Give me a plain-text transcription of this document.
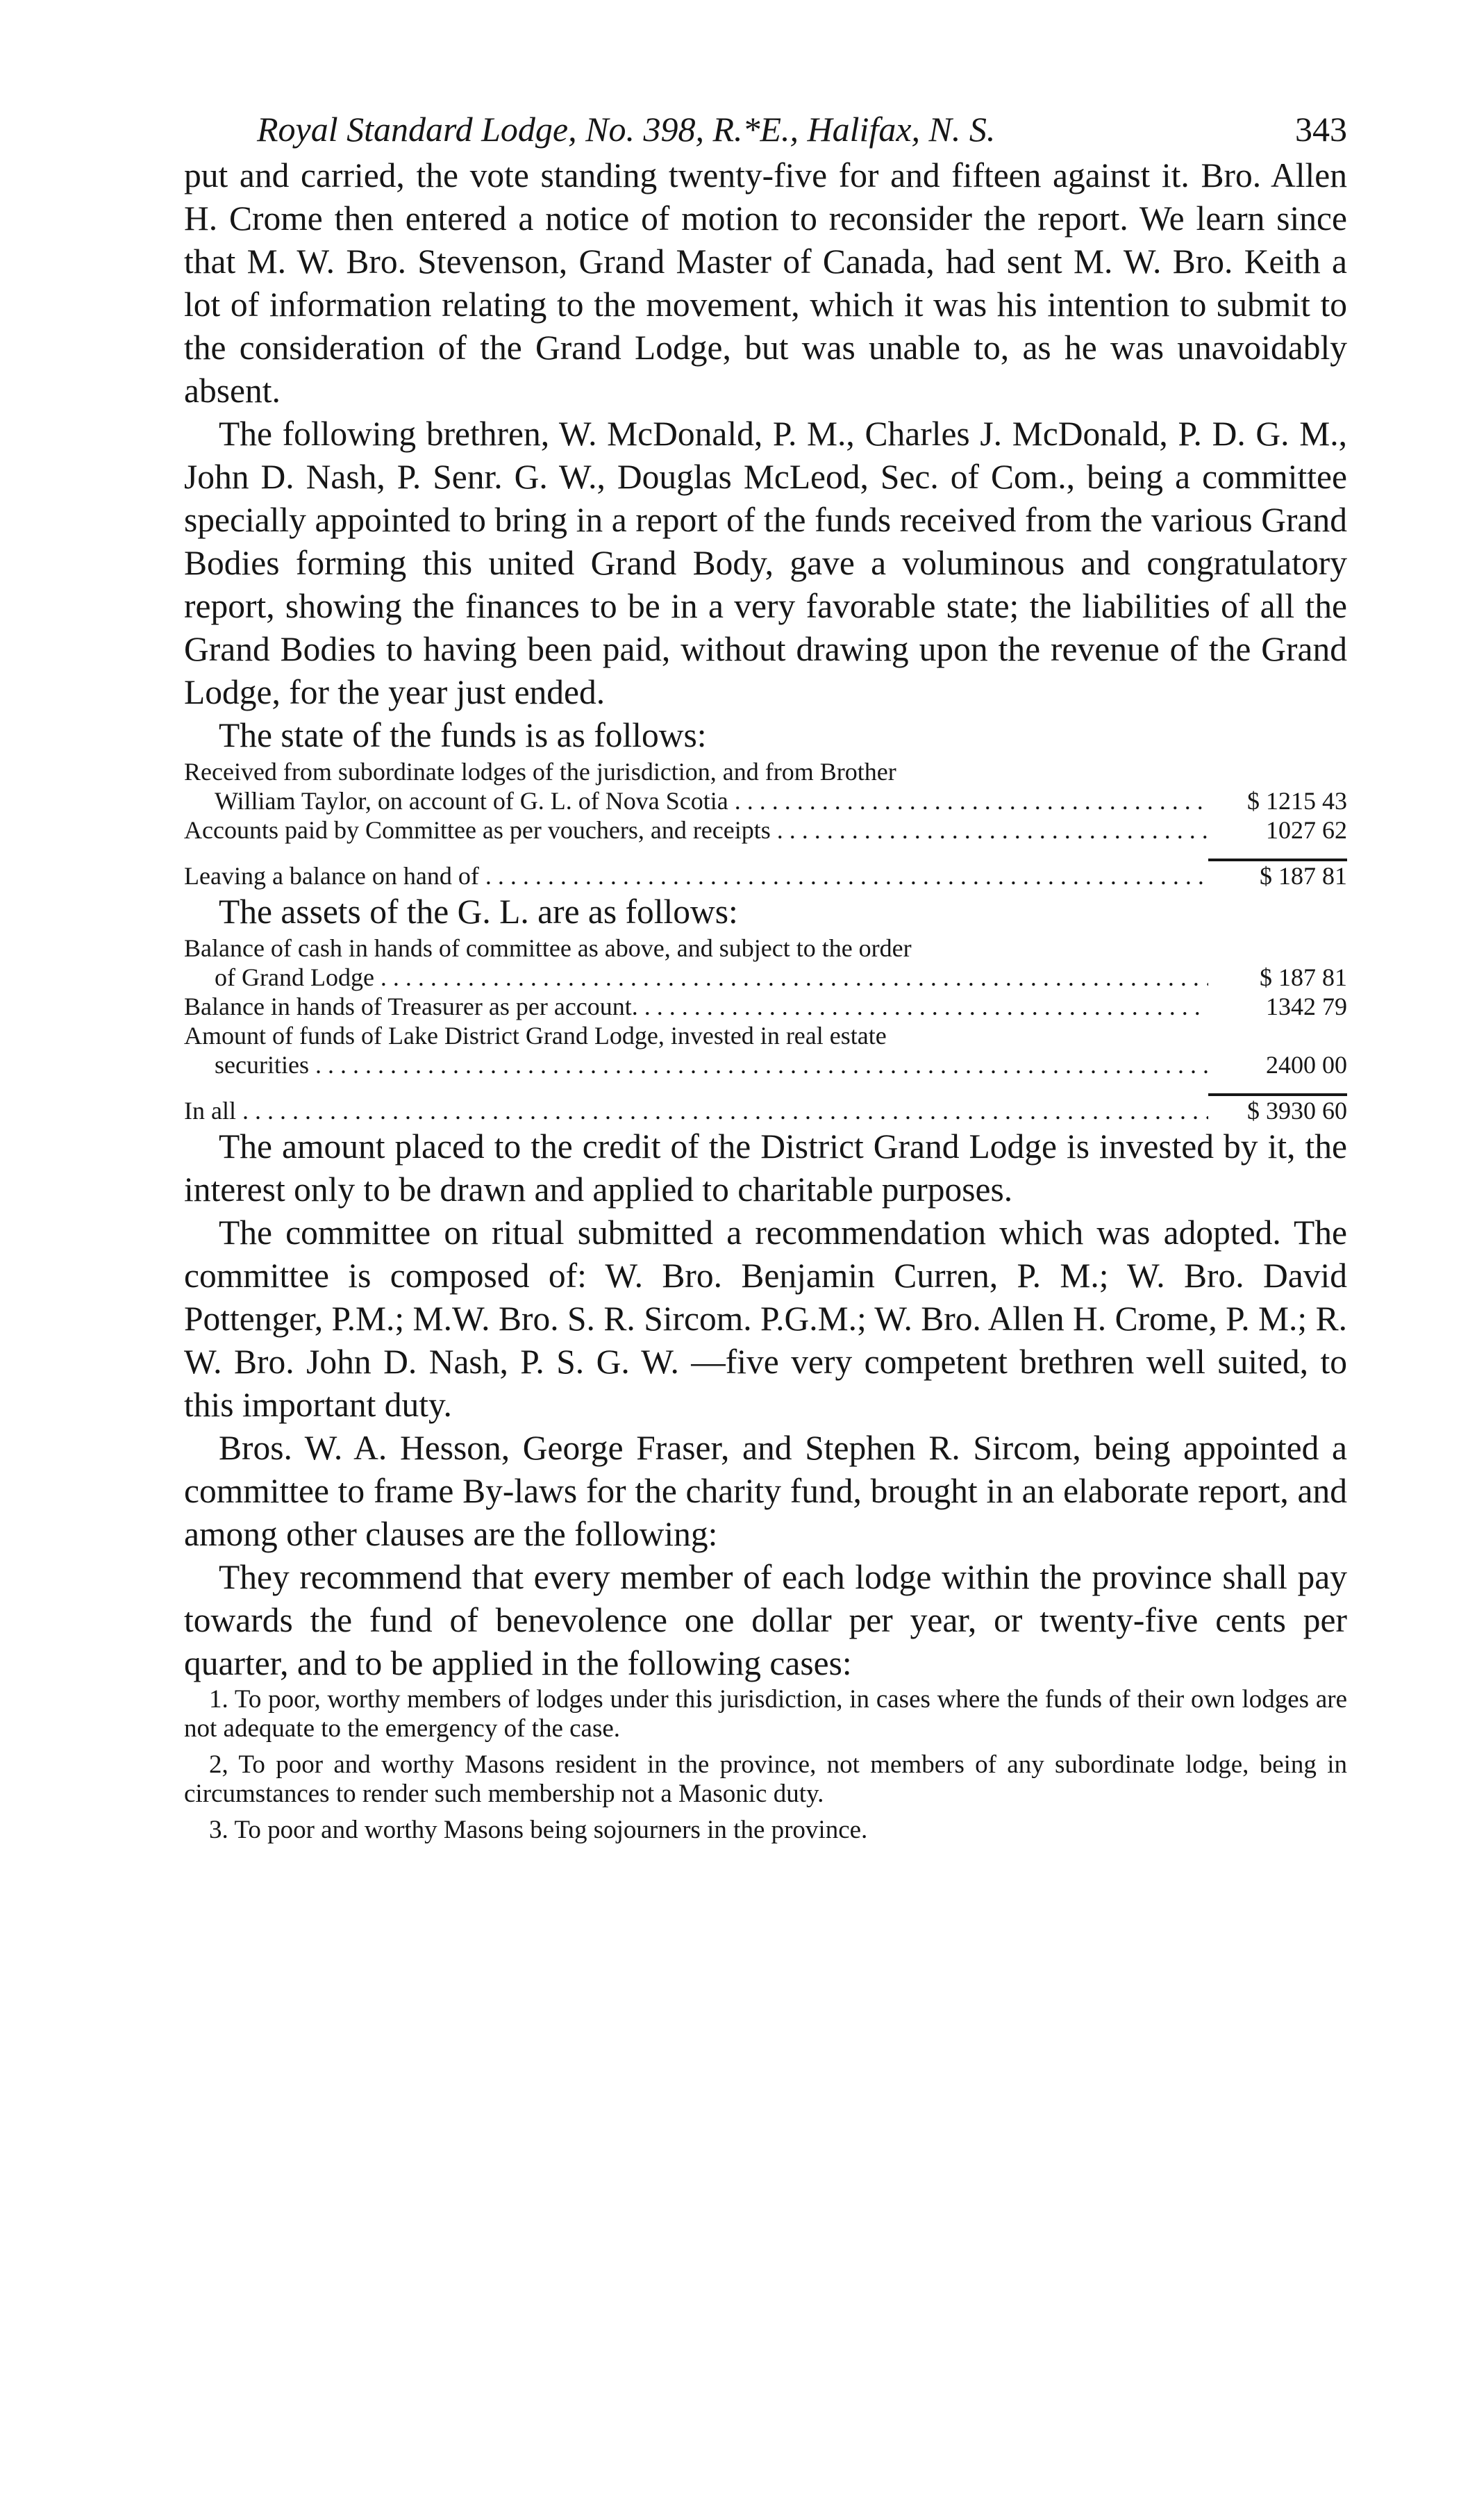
Royal Standard Lodge, No. 398, R.*E., Halifax, N. S.	343

put and carried, the vote standing twenty-five for and fifteen against it. Bro. Allen H. Crome then entered a notice of motion to reconsider the report. We learn since that M. W. Bro. Stevenson, Grand Master of Canada, had sent M. W. Bro. Keith a lot of information relating to the movement, which it was his intention to submit to the consideration of the Grand Lodge, but was unable to, as he was unavoidably absent.

The following brethren, W. McDonald, P. M., Charles J. McDonald, P. D. G. M., John D. Nash, P. Senr. G. W., Douglas McLeod, Sec. of Com., being a committee specially appointed to bring in a report of the funds received from the various Grand Bodies forming this united Grand Body, gave a voluminous and congratulatory report, showing the finances to be in a very favorable state; the liabilities of all the Grand Bodies to having been paid, without drawing upon the revenue of the Grand Lodge, for the year just ended.

The state of the funds is as follows:

Received from subordinate lodges of the jurisdiction, and from Brother
William Taylor, on account of G. L. of Nova Scotia . . .	$ 1215 43
Accounts paid by Committee as per vouchers, and receipts . . .	1027 62
Leaving a balance on hand of . . .	$ 187 81

The assets of the G. L. are as follows:

Balance of cash in hands of committee as above, and subject to the order
of Grand Lodge . . .	$ 187 81
Balance in hands of Treasurer as per account. . . .	1342 79
Amount of funds of Lake District Grand Lodge, invested in real estate
securities . . .	2400 00
In all . . .	$ 3930 60

The amount placed to the credit of the District Grand Lodge is invested by it, the interest only to be drawn and applied to charitable purposes.

The committee on ritual submitted a recommendation which was adopted. The committee is composed of: W. Bro. Benjamin Curren, P. M.; W. Bro. David Pottenger, P.M.; M.W. Bro. S. R. Sircom. P.G.M.; W. Bro. Allen H. Crome, P. M.; R. W. Bro. John D. Nash, P. S. G. W. —five very competent brethren well suited, to this important duty.

Bros. W. A. Hesson, George Fraser, and Stephen R. Sircom, being appointed a committee to frame By-laws for the charity fund, brought in an elaborate report, and among other clauses are the following:

They recommend that every member of each lodge within the province shall pay towards the fund of benevolence one dollar per year, or twenty-five cents per quarter, and to be applied in the following cases:

1. To poor, worthy members of lodges under this jurisdiction, in cases where the funds of their own lodges are not adequate to the emergency of the case.

2, To poor and worthy Masons resident in the province, not members of any subordinate lodge, being in circumstances to render such membership not a Masonic duty.

3. To poor and worthy Masons being sojourners in the province.
